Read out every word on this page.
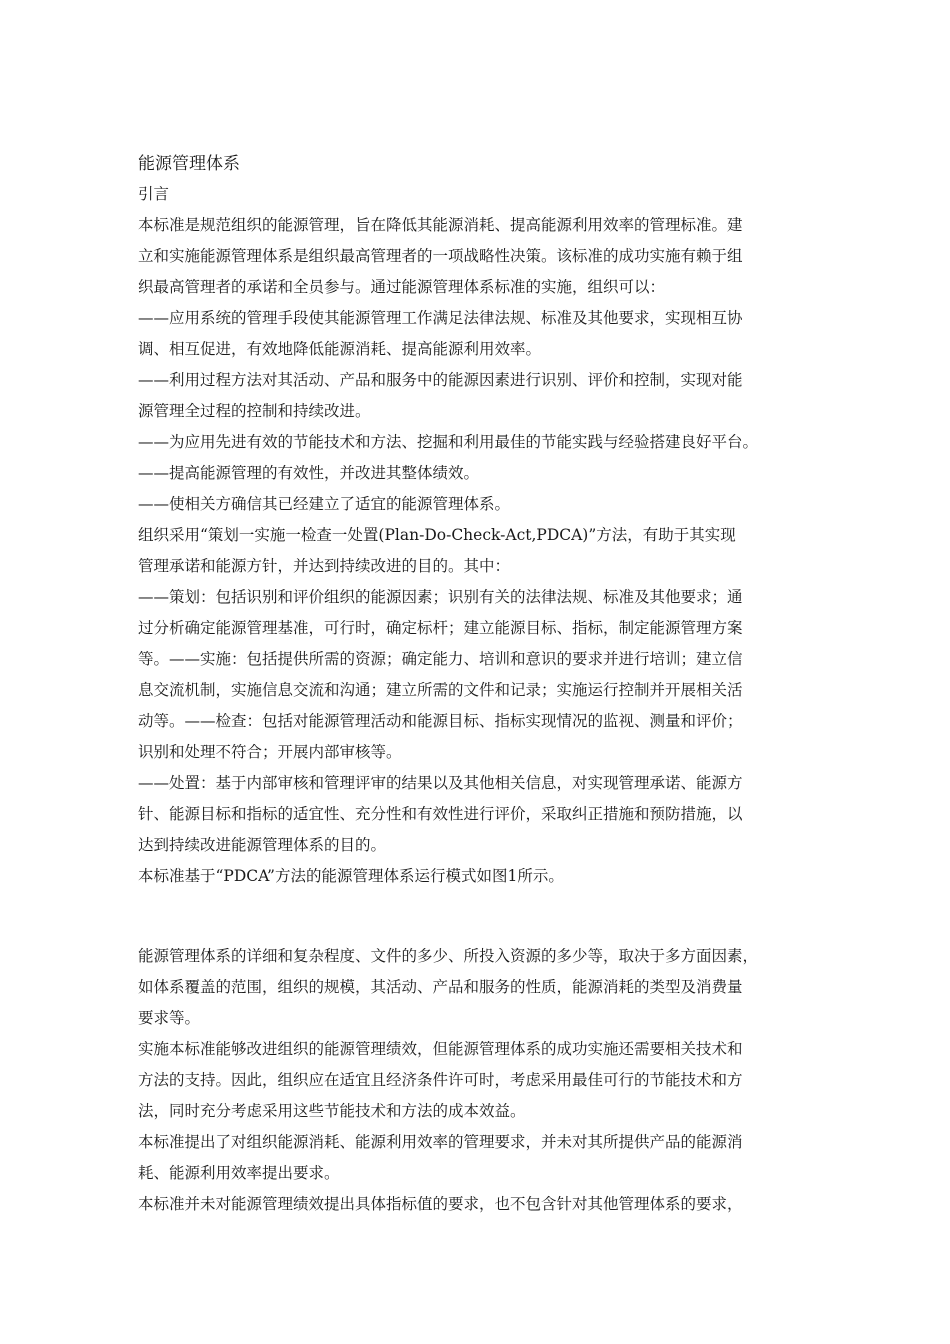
能源管理体系

引言

本标准是规范组织的能源管理，旨在降低其能源消耗、提高能源利用效率的管理标准。建

立和实施能源管理体系是组织最高管理者的一项战略性决策。该标准的成功实施有赖于组

织最高管理者的承诺和全员参与。通过能源管理体系标准的实施，组织可以：

——应用系统的管理手段使其能源管理工作满足法律法规、标准及其他要求，实现相互协

调、相互促进，有效地降低能源消耗、提高能源利用效率。

——利用过程方法对其活动、产品和服务中的能源因素进行识别、评价和控制，实现对能

源管理全过程的控制和持续改进。

——为应用先进有效的节能技术和方法、挖掘和利用最佳的节能实践与经验搭建良好平台。

——提高能源管理的有效性，并改进其整体绩效。

——使相关方确信其已经建立了适宜的能源管理体系。

组织采用“策划一实施一检查一处置(Plan-Do-Check-Act,PDCA)”方法，有助于其实现

管理承诺和能源方针，并达到持续改进的目的。其中：

——策划：包括识别和评价组织的能源因素；识别有关的法律法规、标准及其他要求；通

过分析确定能源管理基准，可行时，确定标杆；建立能源目标、指标，制定能源管理方案

等。——实施：包括提供所需的资源；确定能力、培训和意识的要求并进行培训；建立信

息交流机制，实施信息交流和沟通；建立所需的文件和记录；实施运行控制并开展相关活

动等。——检查：包括对能源管理活动和能源目标、指标实现情况的监视、测量和评价；

识别和处理不符合；开展内部审核等。

——处置：基于内部审核和管理评审的结果以及其他相关信息，对实现管理承诺、能源方

针、能源目标和指标的适宜性、充分性和有效性进行评价，采取纠正措施和预防措施，以

达到持续改进能源管理体系的目的。

本标准基于“PDCA”方法的能源管理体系运行模式如图1所示。

能源管理体系的详细和复杂程度、文件的多少、所投入资源的多少等，取决于多方面因素，

如体系覆盖的范围，组织的规模，其活动、产品和服务的性质，能源消耗的类型及消费量

要求等。

实施本标准能够改进组织的能源管理绩效，但能源管理体系的成功实施还需要相关技术和

方法的支持。因此，组织应在适宜且经济条件许可时，考虑采用最佳可行的节能技术和方

法，同时充分考虑采用这些节能技术和方法的成本效益。

本标准提出了对组织能源消耗、能源利用效率的管理要求，并未对其所提供产品的能源消

耗、能源利用效率提出要求。

本标准并未对能源管理绩效提出具体指标值的要求，也不包含针对其他管理体系的要求，
